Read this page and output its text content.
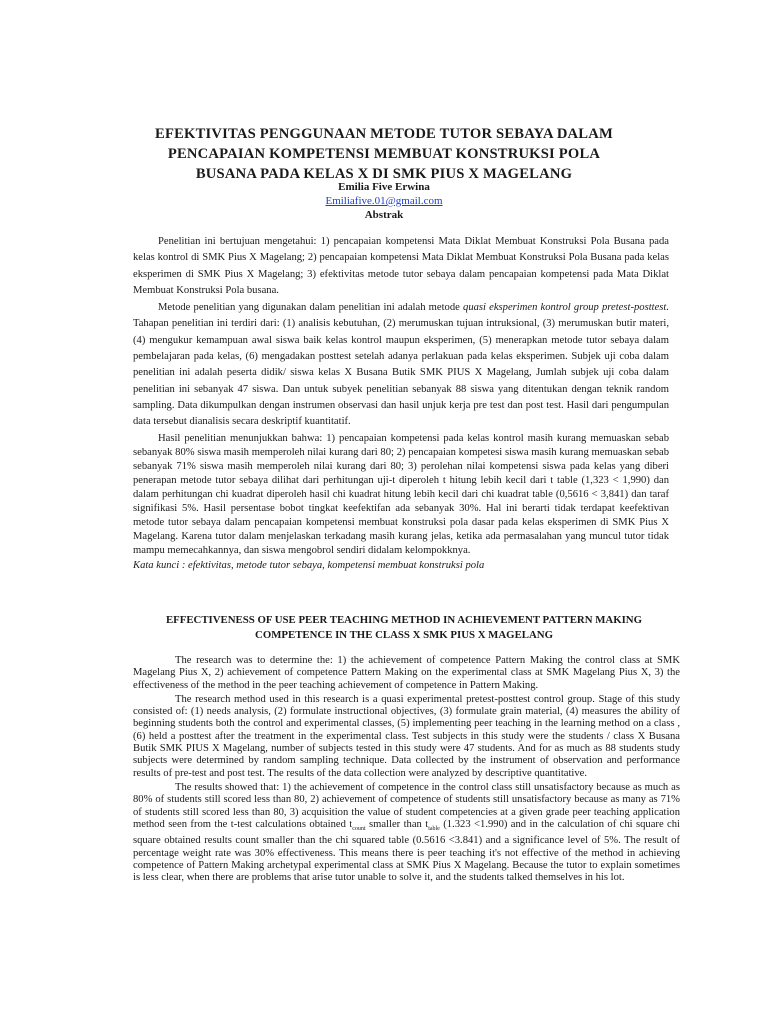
EFEKTIVITAS PENGGUNAAN METODE TUTOR SEBAYA DALAM
PENCAPAIAN KOMPETENSI MEMBUAT KONSTRUKSI POLA
BUSANA PADA KELAS X DI SMK PIUS X MAGELANG
Emilia Five Erwina
Emiliafive.01@gmail.com
Abstrak

Penelitian ini bertujuan mengetahui: 1) pencapaian kompetensi Mata Diklat Membuat Konstruksi Pola Busana pada kelas kontrol di SMK Pius X Magelang; 2) pencapaian kompetensi Mata Diklat Membuat Konstruksi Pola Busana pada kelas eksperimen di SMK Pius X Magelang; 3) efektivitas metode tutor sebaya dalam pencapaian kompetensi pada Mata Diklat Membuat Konstruksi Pola busana.

Metode penelitian yang digunakan dalam penelitian ini adalah metode quasi eksperimen kontrol group pretest-posttest. Tahapan penelitian ini terdiri dari: (1) analisis kebutuhan, (2) merumuskan tujuan intruksional, (3) merumuskan butir materi, (4) mengukur kemampuan awal siswa baik kelas kontrol maupun eksperimen, (5) menerapkan metode tutor sebaya dalam pembelajaran pada kelas, (6) mengadakan posttest setelah adanya perlakuan pada kelas eksperimen. Subjek uji coba dalam penelitian ini adalah peserta didik/ siswa kelas X Busana Butik SMK PIUS X Magelang, Jumlah subjek uji coba dalam penelitian ini sebanyak 47 siswa. Dan untuk subyek penelitian sebanyak 88 siswa yang ditentukan dengan teknik random sampling. Data dikumpulkan dengan instrumen observasi dan hasil unjuk kerja pre test dan post test. Hasil dari pengumpulan data tersebut dianalisis secara deskriptif kuantitatif.

Hasil penelitian menunjukkan bahwa: 1) pencapaian kompetensi pada kelas kontrol masih kurang memuaskan sebab sebanyak 80% siswa masih memperoleh nilai kurang dari 80; 2) pencapaian kompetesi siswa masih kurang memuaskan sebab sebanyak 71% siswa masih memperoleh nilai kurang dari 80; 3) perolehan nilai kompetensi siswa pada kelas yang diberi penerapan metode tutor sebaya dilihat dari perhitungan uji-t diperoleh t hitung lebih kecil dari t table (1,323 < 1,990) dan dalam perhitungan chi kuadrat diperoleh hasil chi kuadrat hitung lebih kecil dari chi kuadrat table (0,5616 < 3,841) dan taraf signifikasi 5%. Hasil persentase bobot tingkat keefektifan ada sebanyak 30%. Hal ini berarti tidak terdapat keefektivan metode tutor sebaya dalam pencapaian kompetensi membuat konstruksi pola dasar pada kelas eksperimen di SMK Pius X Magelang. Karena tutor dalam menjelaskan terkadang masih kurang jelas, ketika ada permasalahan yang muncul tutor tidak mampu memecahkannya, dan siswa mengobrol sendiri didalam kelompokknya.

Kata kunci : efektivitas, metode tutor sebaya, kompetensi membuat konstruksi pola

EFFECTIVENESS OF USE PEER TEACHING METHOD IN ACHIEVEMENT PATTERN MAKING
COMPETENCE IN THE CLASS X SMK PIUS X MAGELANG

The research was to determine the: 1) the achievement of competence Pattern Making the control class at SMK Magelang Pius X, 2) achievement of competence Pattern Making on the experimental class at SMK Magelang Pius X, 3) the effectiveness of the method in the peer teaching achievement of competence in Pattern Making.

The research method used in this research is a quasi experimental pretest-posttest control group. Stage of this study consisted of: (1) needs analysis, (2) formulate instructional objectives, (3) formulate grain material, (4) measures the ability of beginning students both the control and experimental classes, (5) implementing peer teaching in the learning method on a class , (6) held a posttest after the treatment in the experimental class. Test subjects in this study were the students / class X Busana Butik SMK PIUS X Magelang, number of subjects tested in this study were 47 students. And for as much as 88 students study subjects were determined by random sampling technique. Data collected by the instrument of observation and performance results of pre-test and post test. The results of the data collection were analyzed by descriptive quantitative.

The results showed that: 1) the achievement of competence in the control class still unsatisfactory because as much as 80% of students still scored less than 80, 2) achievement of competence of students still unsatisfactory because as many as 71% of students still scored less than 80, 3) acquisition the value of student competencies at a given grade peer teaching application method seen from the t-test calculations obtained $t_{count}$ smaller than $t_{table}$ (1.323 <1.990) and in the calculation of chi square chi square obtained results count smaller than the chi squared table (0.5616 <3.841) and a significance level of 5%. The result of percentage weight rate was 30% effectiveness. This means there is peer teaching it's not effective of the method in achieving competence of Pattern Making archetypal experimental class at SMK Pius X Magelang. Because the tutor to explain sometimes is less clear, when there are problems that arise tutor unable to solve it, and the students talked themselves in his lot.
